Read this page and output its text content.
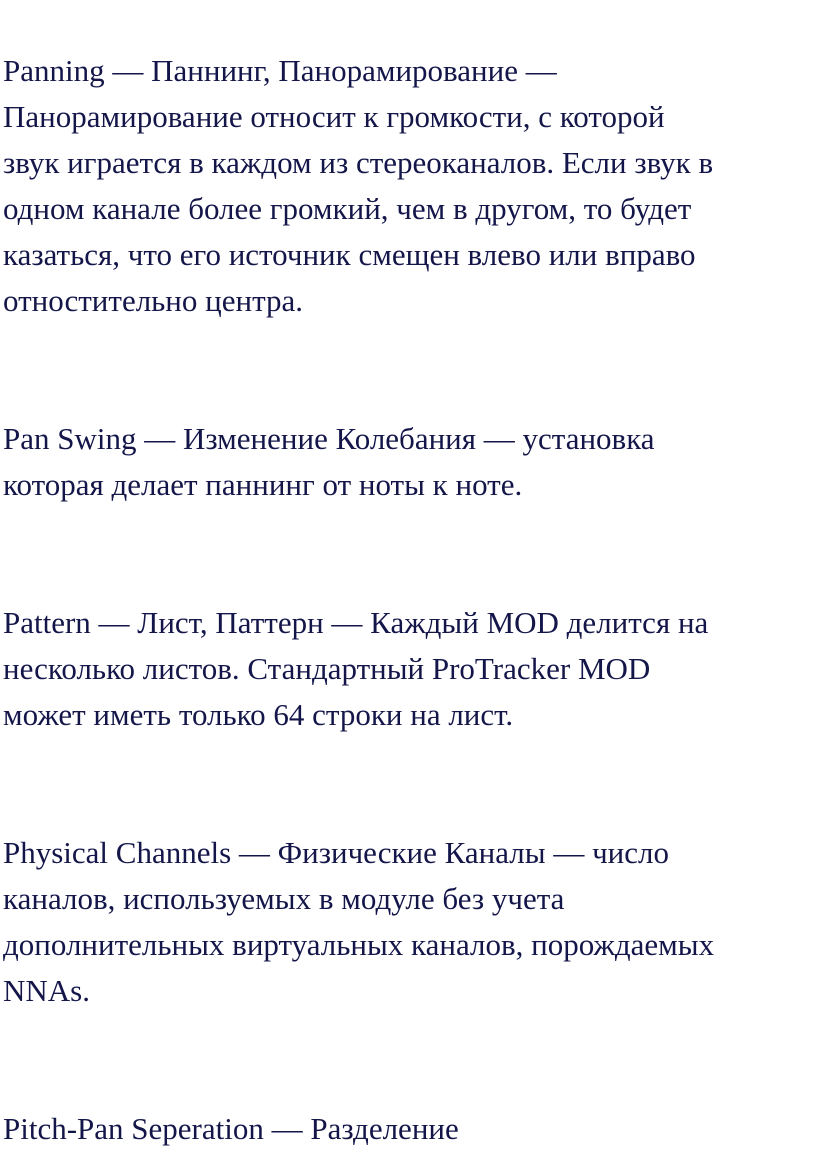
Panning — Паннинг, Панорамирование —
Панорамирование относит к громкости, с которой
звук играется в каждом из стереоканалов. Если звук в
одном канале более громкий, чем в другом, то будет
казаться, что его источник смещен влево или вправо
отностительно центра.

Pan Swing — Изменение Колебания — установка
которая делает паннинг от ноты к ноте.

Pattern — Лист, Паттерн — Каждый MOD делится на
несколько листов. Стандартный ProTracker MOD
может иметь только 64 строки на лист.

Physical Channels — Физические Каналы — число
каналов, используемых в модуле без учета
дополнительных виртуальных каналов, порождаемых
NNAs.

Pitch-Pan Seperation — Разделение
